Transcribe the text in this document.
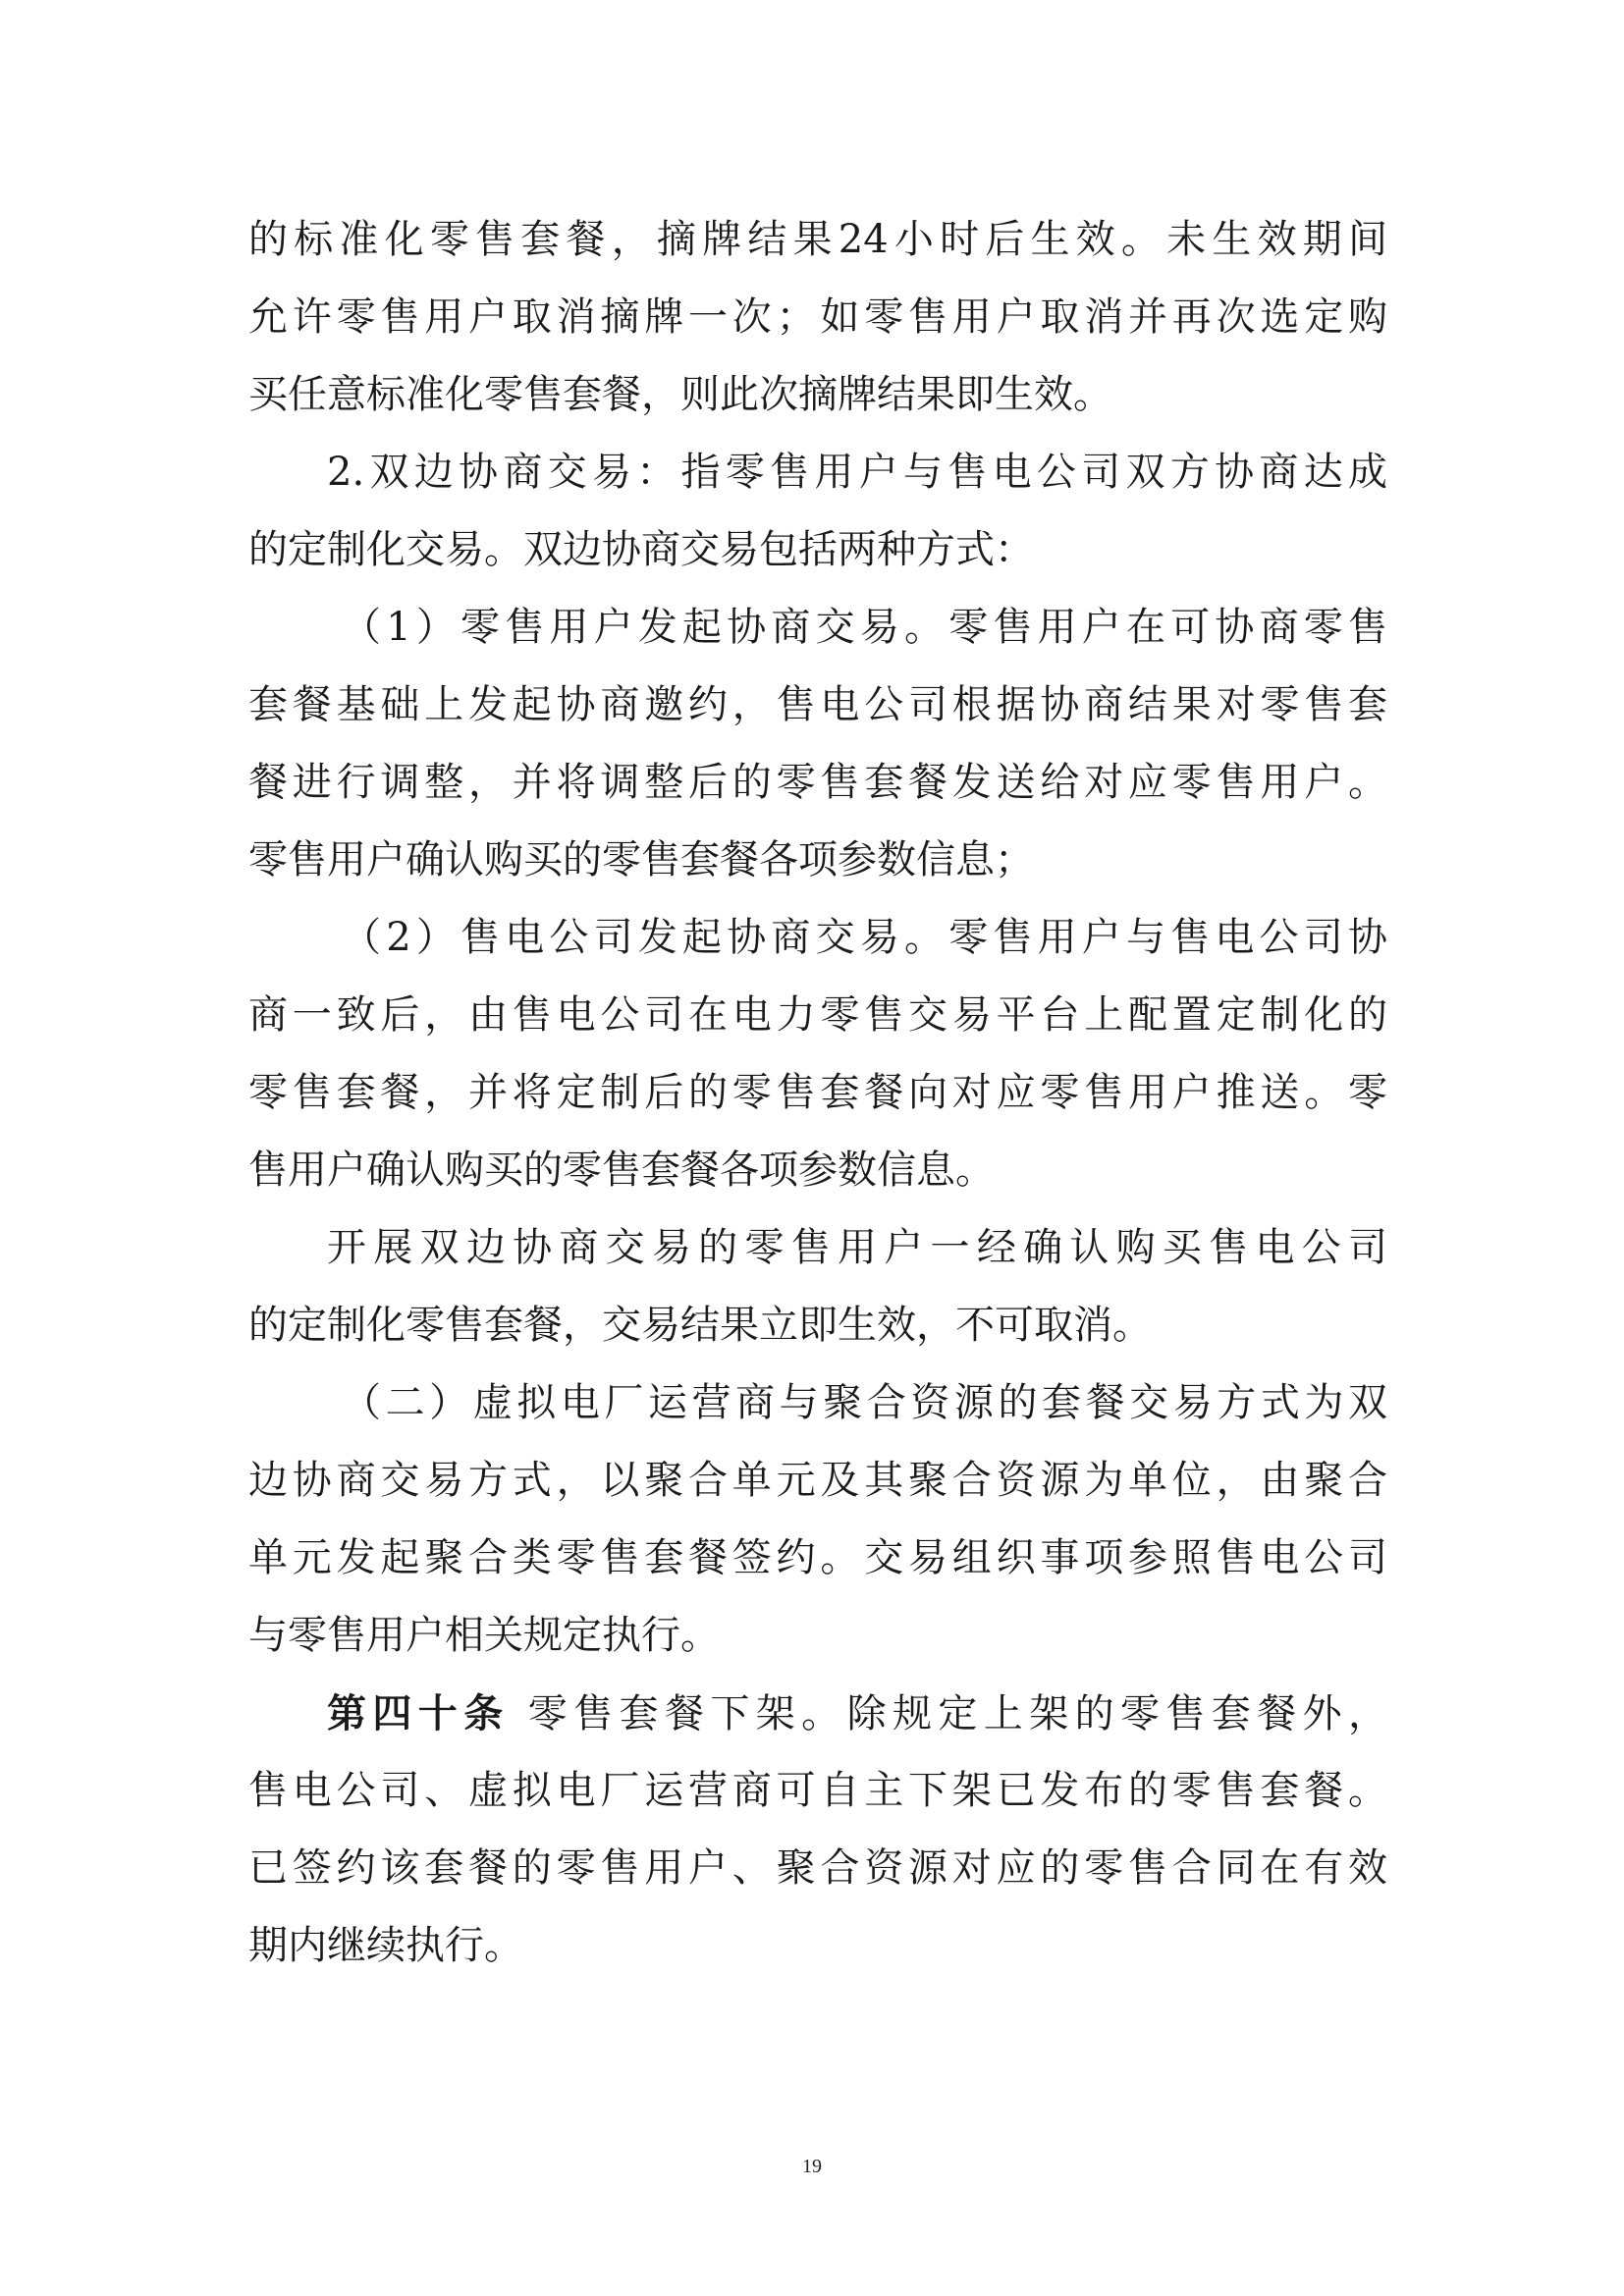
的标准化零售套餐，摘牌结果24小时后生效。未生效期间
允许零售用户取消摘牌一次；如零售用户取消并再次选定购
买任意标准化零售套餐，则此次摘牌结果即生效。
2.双边协商交易：指零售用户与售电公司双方协商达成
的定制化交易。双边协商交易包括两种方式：
（1）零售用户发起协商交易。零售用户在可协商零售
套餐基础上发起协商邀约，售电公司根据协商结果对零售套
餐进行调整，并将调整后的零售套餐发送给对应零售用户。
零售用户确认购买的零售套餐各项参数信息；
（2）售电公司发起协商交易。零售用户与售电公司协
商一致后，由售电公司在电力零售交易平台上配置定制化的
零售套餐，并将定制后的零售套餐向对应零售用户推送。零
售用户确认购买的零售套餐各项参数信息。
开展双边协商交易的零售用户一经确认购买售电公司
的定制化零售套餐，交易结果立即生效，不可取消。
（二）虚拟电厂运营商与聚合资源的套餐交易方式为双
边协商交易方式，以聚合单元及其聚合资源为单位，由聚合
单元发起聚合类零售套餐签约。交易组织事项参照售电公司
与零售用户相关规定执行。
第四十条 零售套餐下架。除规定上架的零售套餐外，
售电公司、虚拟电厂运营商可自主下架已发布的零售套餐。
已签约该套餐的零售用户、聚合资源对应的零售合同在有效
期内继续执行。
19
